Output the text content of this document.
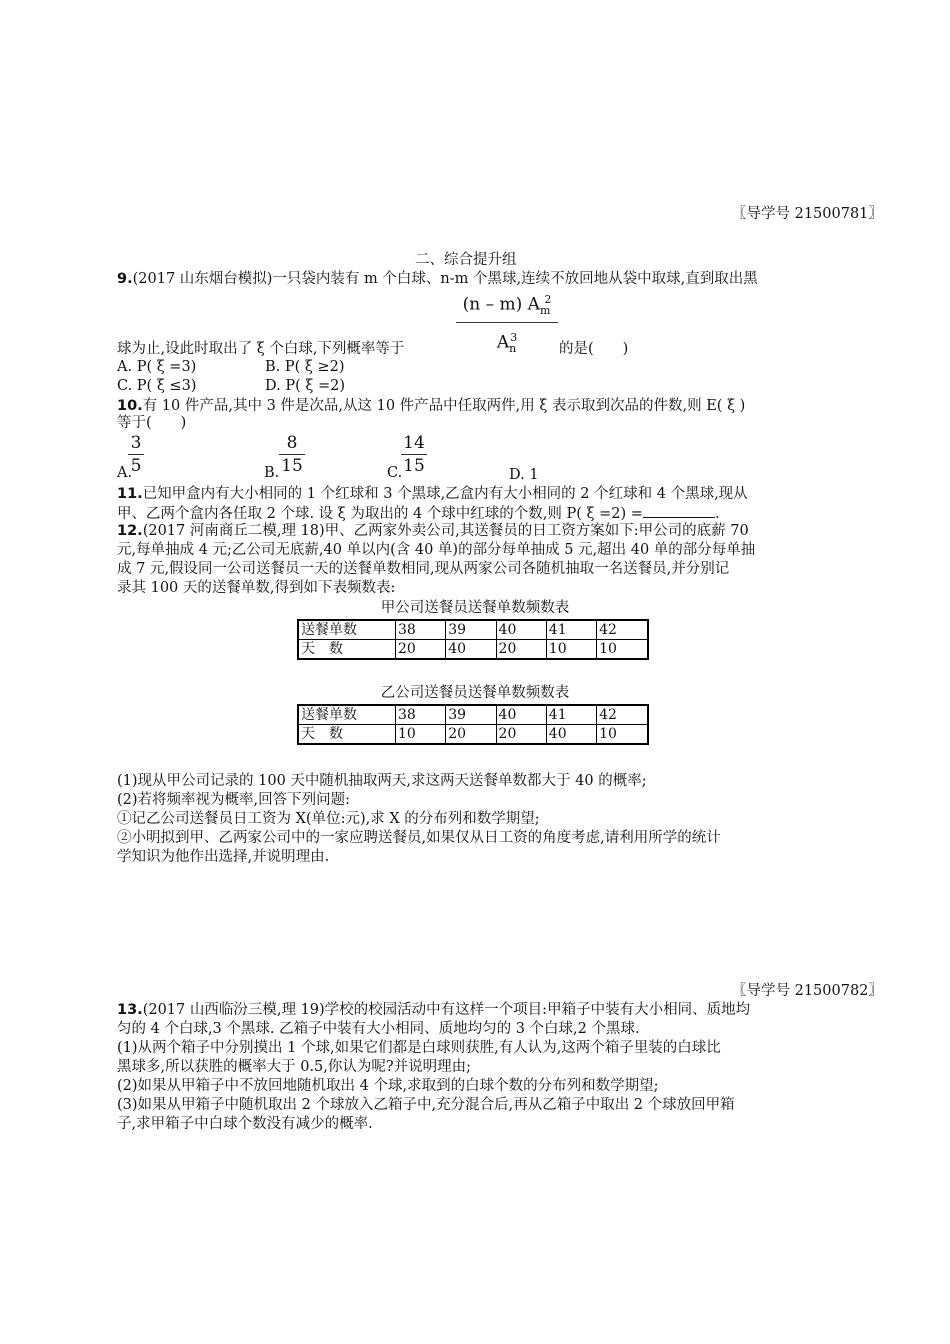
〖导学号 21500781〗
二、综合提升组
9.(2017 山东烟台模拟)一只袋内装有 m 个白球、n-m 个黑球,连续不放回地从袋中取球,直到取出黑
(n – m) $A_m^2$
$A_n^3$
球为止,设此时取出了 ξ 个白球,下列概率等于	的是(　　)
A. P( ξ =3)	B. P( ξ ≥2)
C. P( ξ ≤3)	D. P( ξ =2)
10.有 10 件产品,其中 3 件是次品,从这 10 件产品中任取两件,用 ξ 表示取到次品的件数,则 E( ξ )
等于(　　)
A.
3
5	B.
8
15	C.
14
15	D. 1
11.已知甲盒内有大小相同的 1 个红球和 3 个黑球,乙盒内有大小相同的 2 个红球和 4 个黑球,现从
甲、乙两个盒内各任取 2 个球. 设 ξ 为取出的 4 个球中红球的个数,则 P( ξ =2) =	.
12.(2017 河南商丘二模,理 18)甲、乙两家外卖公司,其送餐员的日工资方案如下:甲公司的底薪 70
元,每单抽成 4 元;乙公司无底薪,40 单以内(含 40 单)的部分每单抽成 5 元,超出 40 单的部分每单抽
成 7 元,假设同一公司送餐员一天的送餐单数相同,现从两家公司各随机抽取一名送餐员,并分别记
录其 100 天的送餐单数,得到如下表频数表:
甲公司送餐员送餐单数频数表
送餐单数	38	39	40	41	42
天　数	20	40	20	10	10
乙公司送餐员送餐单数频数表
送餐单数	38	39	40	41	42
天　数	10	20	20	40	10
(1)现从甲公司记录的 100 天中随机抽取两天,求这两天送餐单数都大于 40 的概率;
(2)若将频率视为概率,回答下列问题:
①记乙公司送餐员日工资为 X(单位:元),求 X 的分布列和数学期望;
②小明拟到甲、乙两家公司中的一家应聘送餐员,如果仅从日工资的角度考虑,请利用所学的统计
学知识为他作出选择,并说明理由.
〖导学号 21500782〗
13.(2017 山西临汾三模,理 19)学校的校园活动中有这样一个项目:甲箱子中装有大小相同、质地均
匀的 4 个白球,3 个黑球. 乙箱子中装有大小相同、质地均匀的 3 个白球,2 个黑球.
(1)从两个箱子中分别摸出 1 个球,如果它们都是白球则获胜,有人认为,这两个箱子里装的白球比
黑球多,所以获胜的概率大于 0.5,你认为呢?并说明理由;
(2)如果从甲箱子中不放回地随机取出 4 个球,求取到的白球个数的分布列和数学期望;
(3)如果从甲箱子中随机取出 2 个球放入乙箱子中,充分混合后,再从乙箱子中取出 2 个球放回甲箱
子,求甲箱子中白球个数没有减少的概率.
